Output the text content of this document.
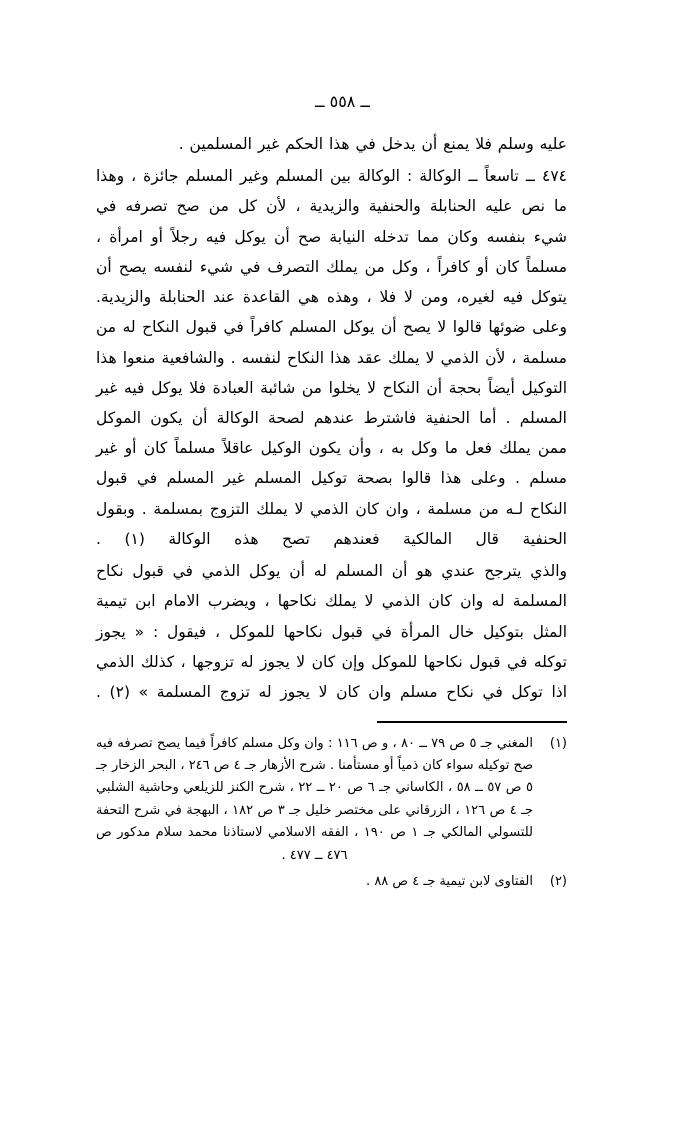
ــ ٥٥٨ ــ

عليه وسلم فلا يمنع أن يدخل في هذا الحكم غير المسلمين .

٤٧٤ ــ تاسعاً ــ الوكالة : الوكالة بين المسلم وغير المسلم جائزة ، وهذا ما نص عليه الحنابلة والحنفية والزيدية ، لأن كل من صح تصرفه في شيء بنفسه وكان مما تدخله النيابة صح أن يوكل فيه رجلاً أو امرأة ، مسلماً كان أو كافراً ، وكل من يملك التصرف في شيء لنفسه يصح أن يتوكل فيه لغيره، ومن لا فلا ، وهذه هي القاعدة عند الحنابلة والزيدية. وعلى ضوئها قالوا لا يصح أن يوكل المسلم كافراً في قبول النكاح له من مسلمة ، لأن الذمي لا يملك عقد هذا النكاح لنفسه . والشافعية منعوا هذا التوكيل أيضاً بحجة أن النكاح لا يخلوا من شائبة العبادة فلا يوكل فيه غير المسلم . أما الحنفية فاشترط عندهم لصحة الوكالة أن يكون الموكل ممن يملك فعل ما وكل به ، وأن يكون الوكيل عاقلاً مسلماً كان أو غير مسلم . وعلى هذا قالوا بصحة توكيل المسلم غير المسلم في قبول النكاح لـه من مسلمة ، وان كان الذمي لا يملك التزوج بمسلمة . وبقول الحنفية قال المالكية فعندهم تصح هذه الوكالة (١) .

والذي يترجح عندي هو أن المسلم له أن يوكل الذمي في قبول نكاح المسلمة له وان كان الذمي لا يملك نكاحها ، ويضرب الامام ابن تيمية المثل بتوكيل خال المرأة في قبول نكاحها للموكل ، فيقول : « يجوز توكله في قبول نكاحها للموكل وإن كان لا يجوز له تزوجها ، كذلك الذمي اذا توكل في نكاح مسلم وان كان لا يجوز له تزوج المسلمة » (٢) .

(١)
المغني جـ ٥ ص ٧٩ ــ ٨٠ ، و ص ١١٦ : وان وكل مسلم كافراً فيما يصح تصرفه فيه صح توكيله سواء كان ذمياً أو مستأمنا . شرح الأزهار جـ ٤ ص ٢٤٦ ، البحر الزخار جـ ٥ ص ٥٧ ــ ٥٨ ، الكاساني جـ ٦ ص ٢٠ ــ ٢٢ ، شرح الكنز للزيلعي وحاشية الشلبي جـ ٤ ص ١٢٦ ، الزرقاني على مختصر خليل جـ ٣ ص ١٨٢ ، البهجة في شرح التحفة للتسولي المالكي جـ ١ ص ١٩٠ ، الفقه الاسلامي لاستاذنا محمد سلام مدكور ص ٤٧٦ ــ ٤٧٧ .
(٢)
الفتاوى لابن تيمية جـ ٤ ص ٨٨ .
